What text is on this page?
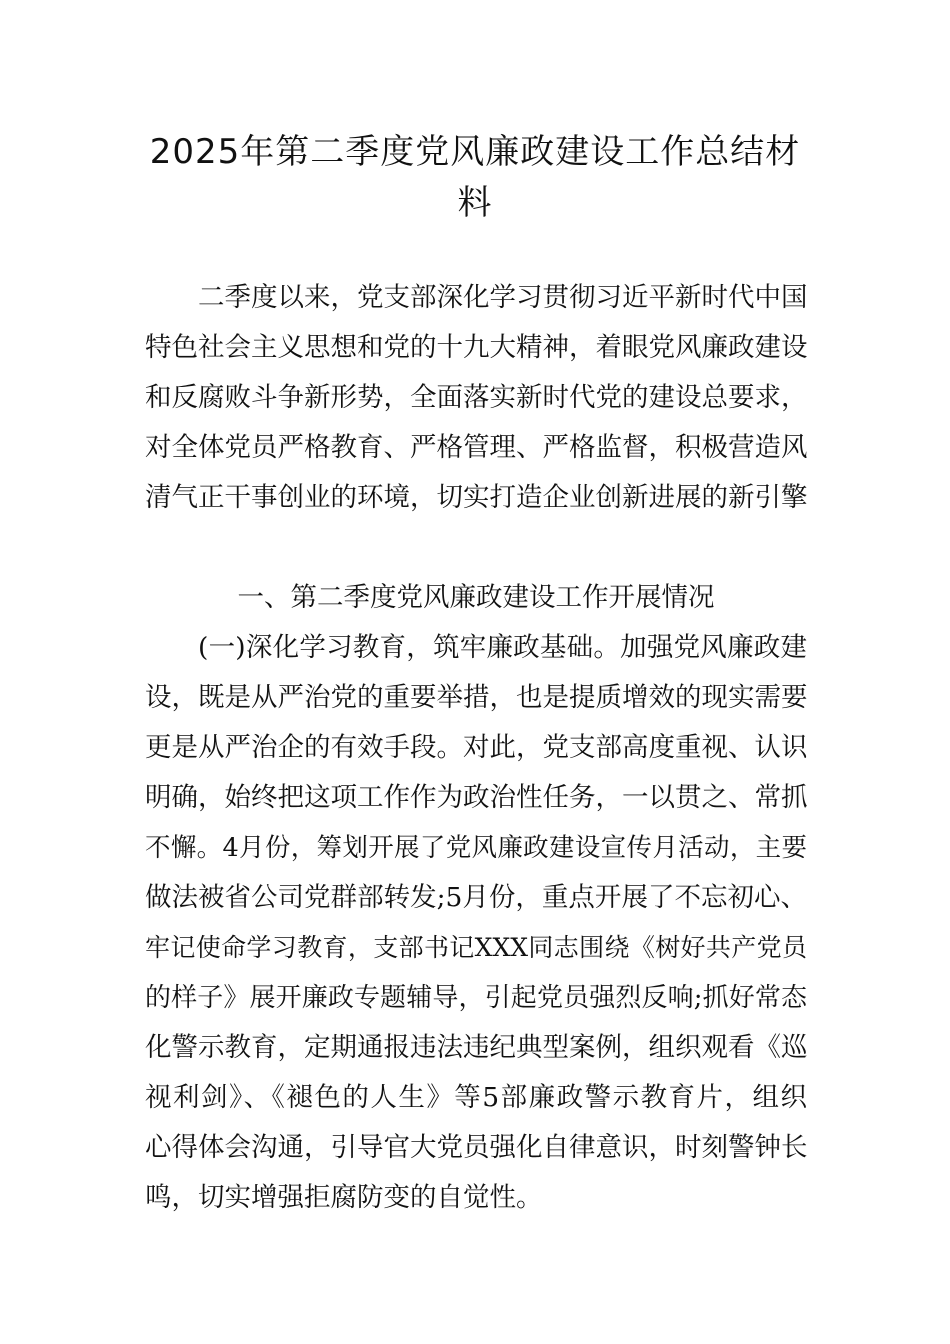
2025年第二季度党风廉政建设工作总结材
料
二季度以来，党支部深化学习贯彻习近平新时代中国
特色社会主义思想和党的十九大精神，着眼党风廉政建设
和反腐败斗争新形势，全面落实新时代党的建设总要求，
对全体党员严格教育、严格管理、严格监督，积极营造风
清气正干事创业的环境，切实打造企业创新进展的新引擎
一、第二季度党风廉政建设工作开展情况
(一)深化学习教育，筑牢廉政基础。加强党风廉政建
设，既是从严治党的重要举措，也是提质增效的现实需要
更是从严治企的有效手段。对此，党支部高度重视、认识
明确，始终把这项工作作为政治性任务，一以贯之、常抓
不懈。4月份，筹划开展了党风廉政建设宣传月活动，主要
做法被省公司党群部转发;5月份，重点开展了不忘初心、
牢记使命学习教育，支部书记XXX同志围绕《树好共产党员
的样子》展开廉政专题辅导，引起党员强烈反响;抓好常态
化警示教育，定期通报违法违纪典型案例，组织观看《巡
视利剑》、《褪色的人生》等5部廉政警示教育片，组织
心得体会沟通，引导官大党员强化自律意识，时刻警钟长
鸣，切实增强拒腐防变的自觉性。
